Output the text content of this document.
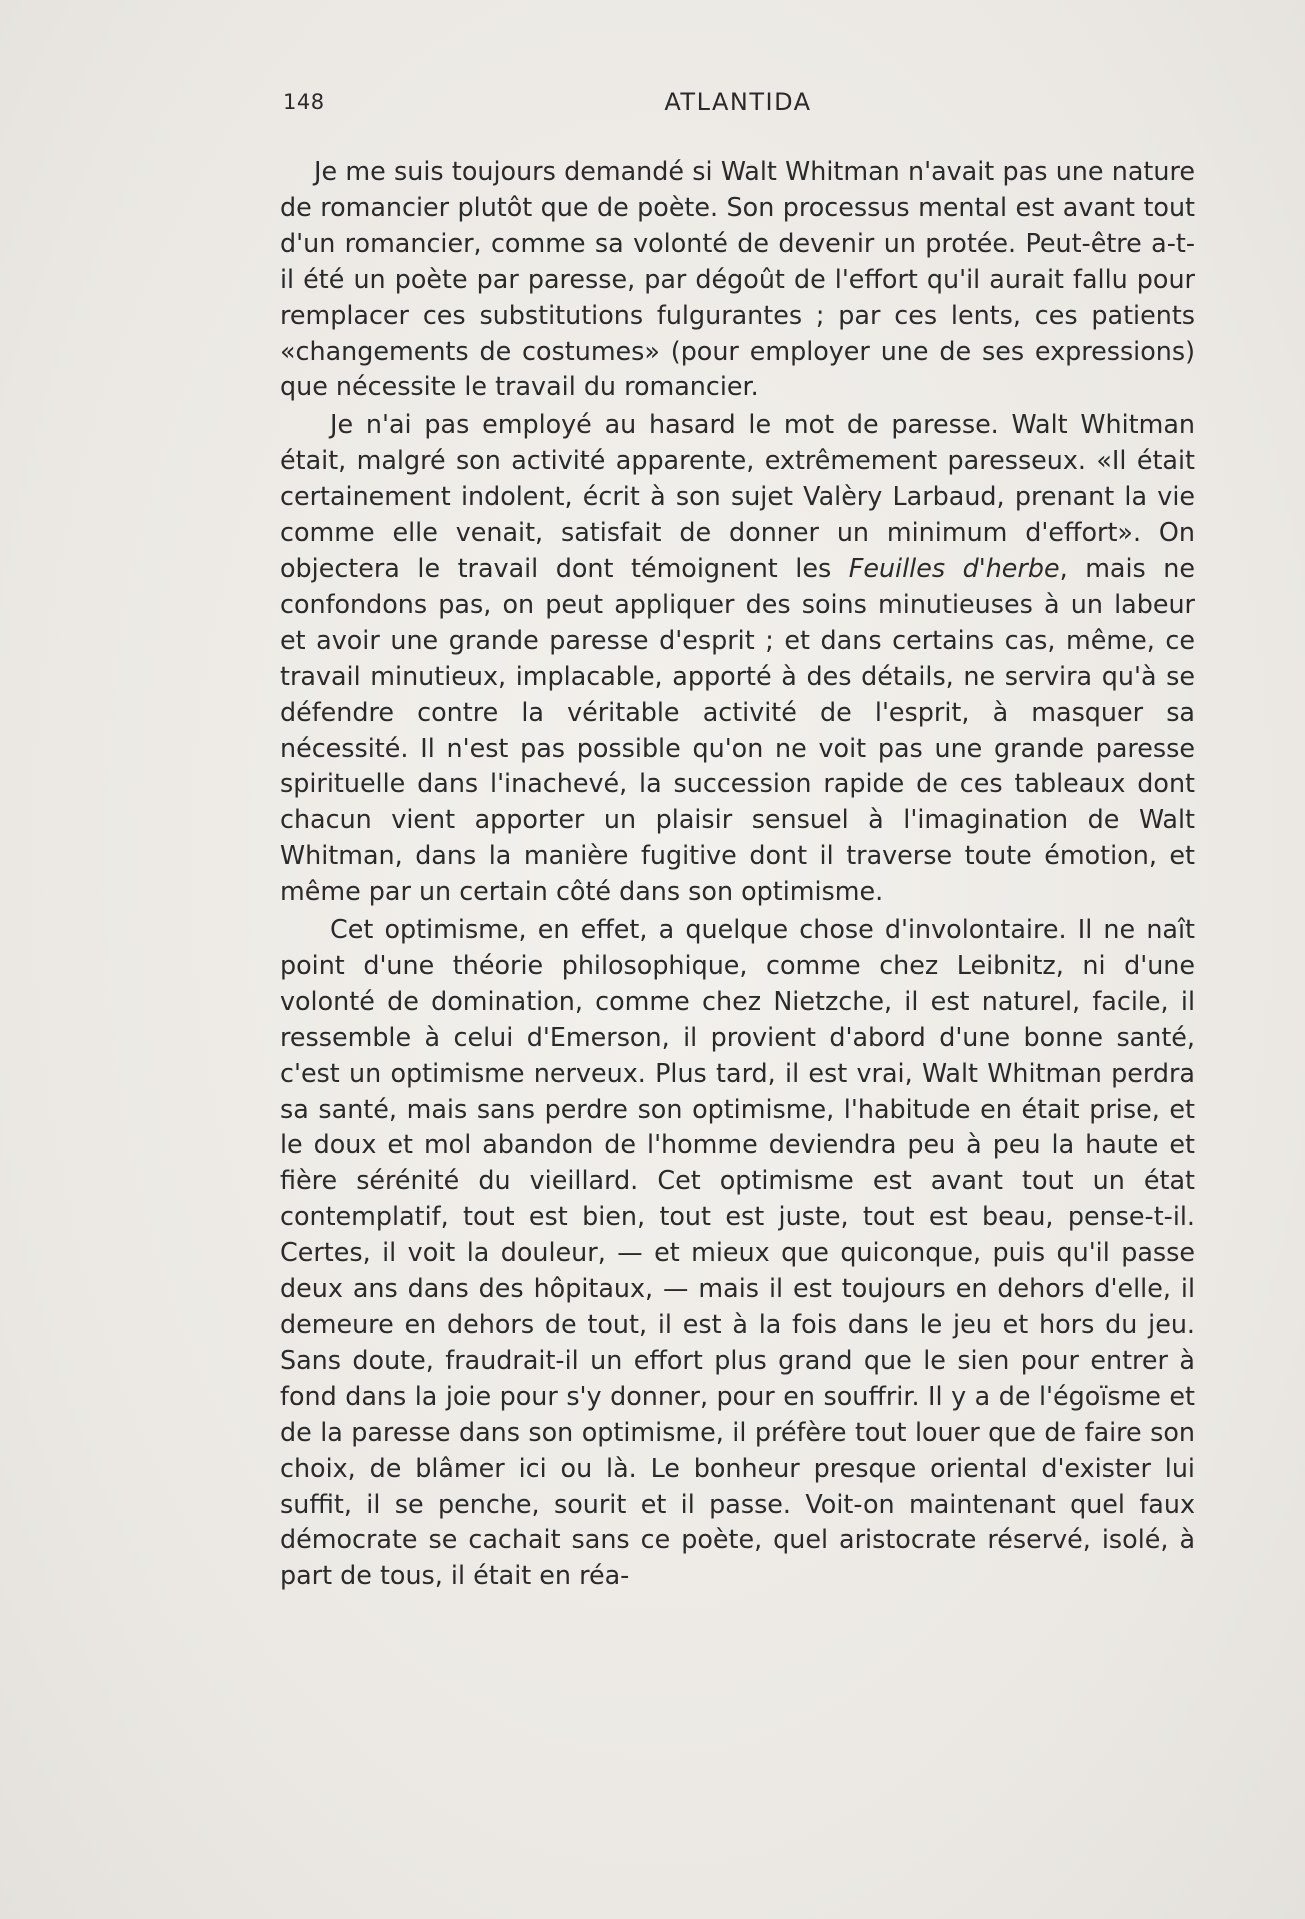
148	ATLANTIDA

Je me suis toujours demandé si Walt Whitman n'avait pas une nature de romancier plutôt que de poète. Son processus mental est avant tout d'un romancier, comme sa volonté de devenir un protée. Peut-être a-t-il été un poète par paresse, par dégoût de l'effort qu'il aurait fallu pour remplacer ces substitutions fulgurantes ; par ces lents, ces patients «changements de costumes» (pour employer une de ses expressions) que nécessite le travail du romancier.

Je n'ai pas employé au hasard le mot de paresse. Walt Whitman était, malgré son activité apparente, extrêmement paresseux. «Il était certainement indolent, écrit à son sujet Valèry Larbaud, prenant la vie comme elle venait, satisfait de donner un minimum d'effort». On objectera le travail dont témoignent les Feuilles d'herbe, mais ne confondons pas, on peut appliquer des soins minutieuses à un labeur et avoir une grande paresse d'esprit ; et dans certains cas, même, ce travail minutieux, implacable, apporté à des détails, ne servira qu'à se défendre contre la véritable activité de l'esprit, à masquer sa nécessité. Il n'est pas possible qu'on ne voit pas une grande paresse spirituelle dans l'inachevé, la succession rapide de ces tableaux dont chacun vient apporter un plaisir sensuel à l'imagination de Walt Whitman, dans la manière fugitive dont il traverse toute émotion, et même par un certain côté dans son optimisme.

Cet optimisme, en effet, a quelque chose d'involontaire. Il ne naît point d'une théorie philosophique, comme chez Leibnitz, ni d'une volonté de domination, comme chez Nietzche, il est naturel, facile, il ressemble à celui d'Emerson, il provient d'abord d'une bonne santé, c'est un optimisme nerveux. Plus tard, il est vrai, Walt Whitman perdra sa santé, mais sans perdre son optimisme, l'habitude en était prise, et le doux et mol abandon de l'homme deviendra peu à peu la haute et fière sérénité du vieillard. Cet optimisme est avant tout un état contemplatif, tout est bien, tout est juste, tout est beau, pense-t-il. Certes, il voit la douleur, — et mieux que quiconque, puis qu'il passe deux ans dans des hôpitaux, — mais il est toujours en dehors d'elle, il demeure en dehors de tout, il est à la fois dans le jeu et hors du jeu. Sans doute, fraudrait-il un effort plus grand que le sien pour entrer à fond dans la joie pour s'y donner, pour en souffrir. Il y a de l'égoïsme et de la paresse dans son optimisme, il préfère tout louer que de faire son choix, de blâmer ici ou là. Le bonheur presque oriental d'exister lui suffit, il se penche, sourit et il passe. Voit-on maintenant quel faux démocrate se cachait sans ce poète, quel aristocrate réservé, isolé, à part de tous, il était en réa-
